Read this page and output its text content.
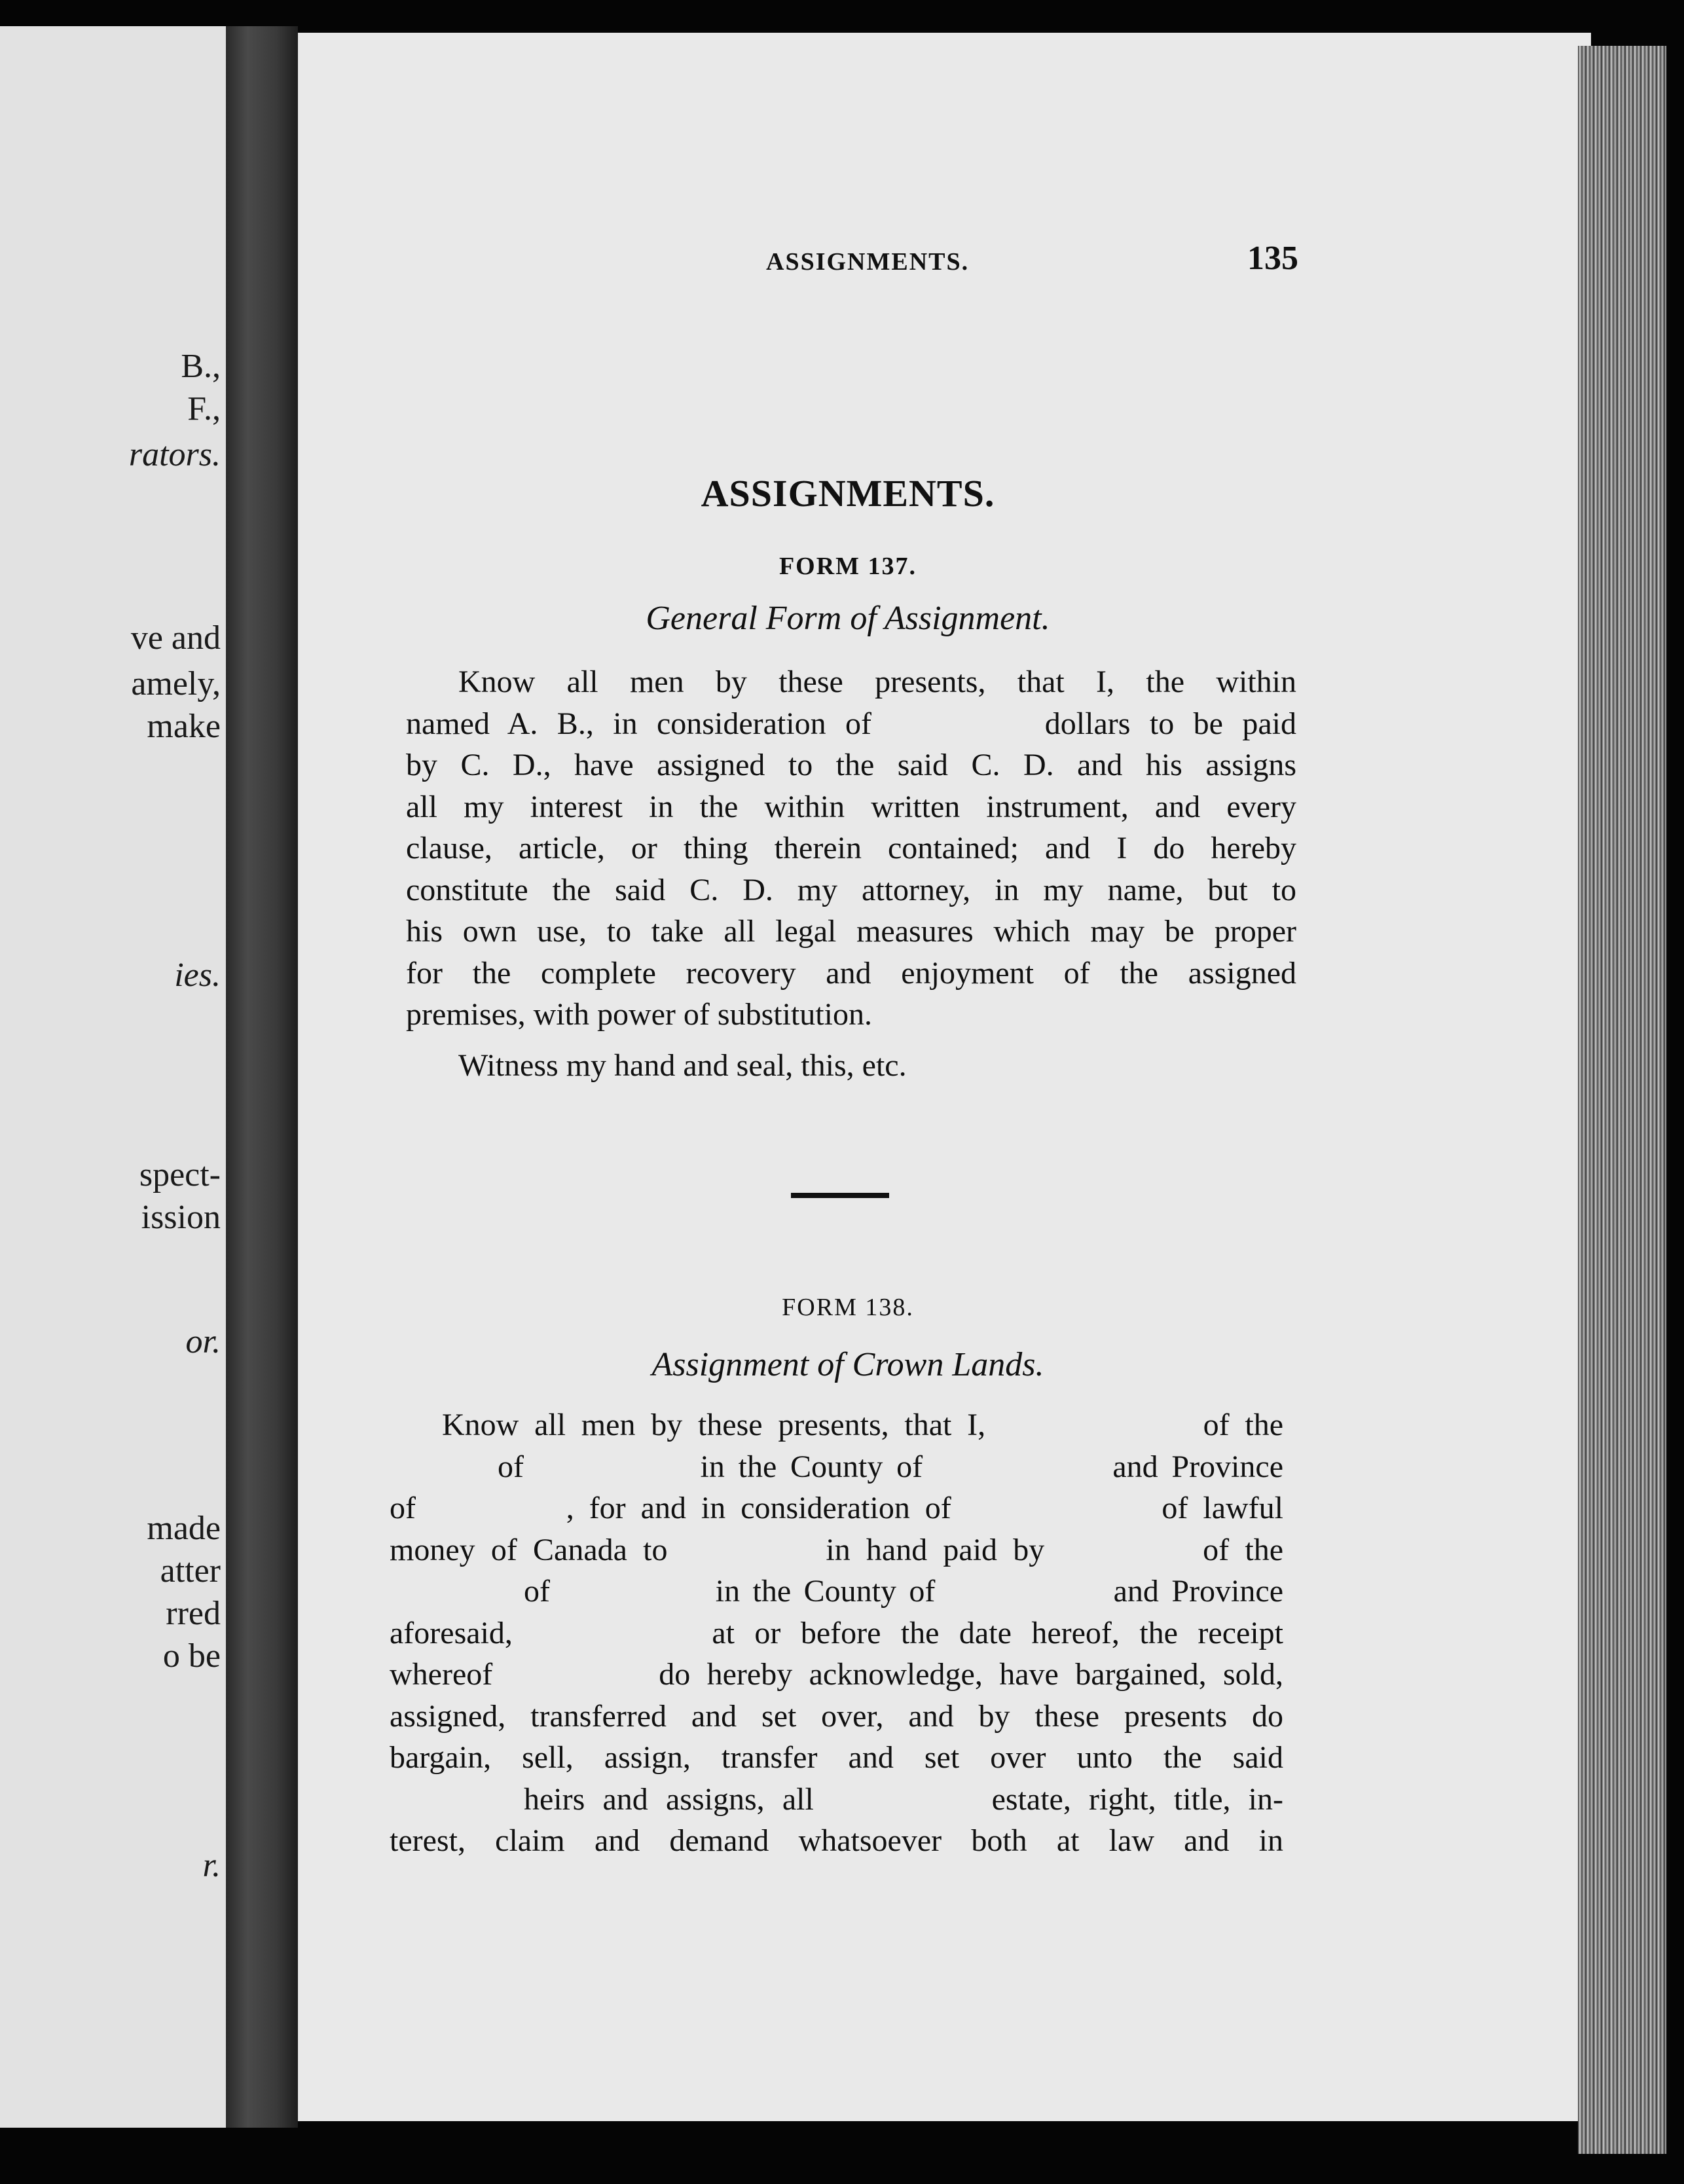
B.,
F.,
rators.
ve and
amely,
make
ies.
spect-
ission
or.
made
atter
rred
o be
r.
ASSIGNMENTS.	135
ASSIGNMENTS.
FORM 137.
General Form of Assignment.
Know all men by these presents, that I, the within
named A. B., in consideration of         dollars to be paid
by C. D., have assigned to the said C. D. and his assigns
all my interest in the within written instrument, and every
clause, article, or thing therein contained; and I do hereby
constitute the said C. D. my attorney, in my name, but to
his own use, to take all legal measures which may be proper
for the complete recovery and enjoyment of the assigned
premises, with power of substitution.
Witness my hand and seal, this, etc.
FORM 138.
Assignment of Crown Lands.
Know all men by these presents, that I,              of the
of             in the County of              and Province
of          , for and in consideration of              of lawful
money of Canada to          in hand paid by          of the
of             in the County of              and Province
aforesaid,          at or before the date hereof, the receipt
whereof          do hereby acknowledge, have bargained, sold,
assigned, transferred and set over, and by these presents do
bargain, sell, assign, transfer and set over unto the said
heirs and assigns, all          estate, right, title, in-
terest, claim and demand whatsoever both at law and in
